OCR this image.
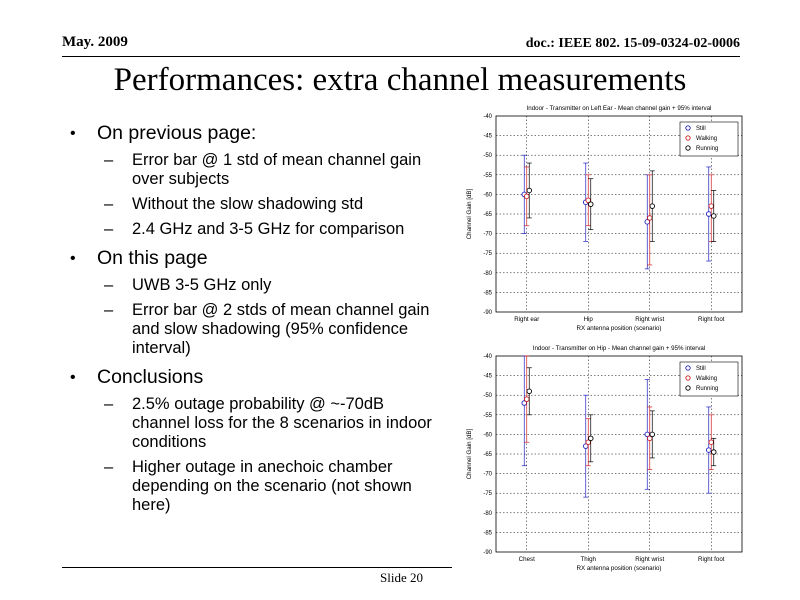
May. 2009	doc.: IEEE 802. 15-09-0324-02-0006
Performances: extra channel measurements
• On previous page:
– Error bar @ 1 std of mean channel gain over subjects
– Without the slow shadowing std
– 2.4 GHz and 3-5 GHz for comparison
• On this page
– UWB 3-5 GHz only
– Error bar @ 2 stds of mean channel gain and slow shadowing (95% confidence interval)
• Conclusions
– 2.5% outage probability @ ~-70dB channel loss for the 8 scenarios in indoor conditions
– Higher outage in anechoic chamber depending on the scenario (not shown here)
Indoor - Transmitter on Left Ear - Mean channel gain + 95% interval
-40
-45
-50
-55
-60
-65
-70
-75
-80
-85
-90
Right ear	Hip	Right wrist	Right foot
Still
Walking
Running
RX antenna position (scenario)
Channel Gain [dB]
Indoor - Transmitter on Hip - Mean channel gain + 95% interval
-40
-45
-50
-55
-60
-65
-70
-75
-80
-85
-90
Chest	Thigh	Right wrist	Right foot
Still
Walking
Running
RX antenna position (scenario)
Channel Gain [dB]
Slide 20
